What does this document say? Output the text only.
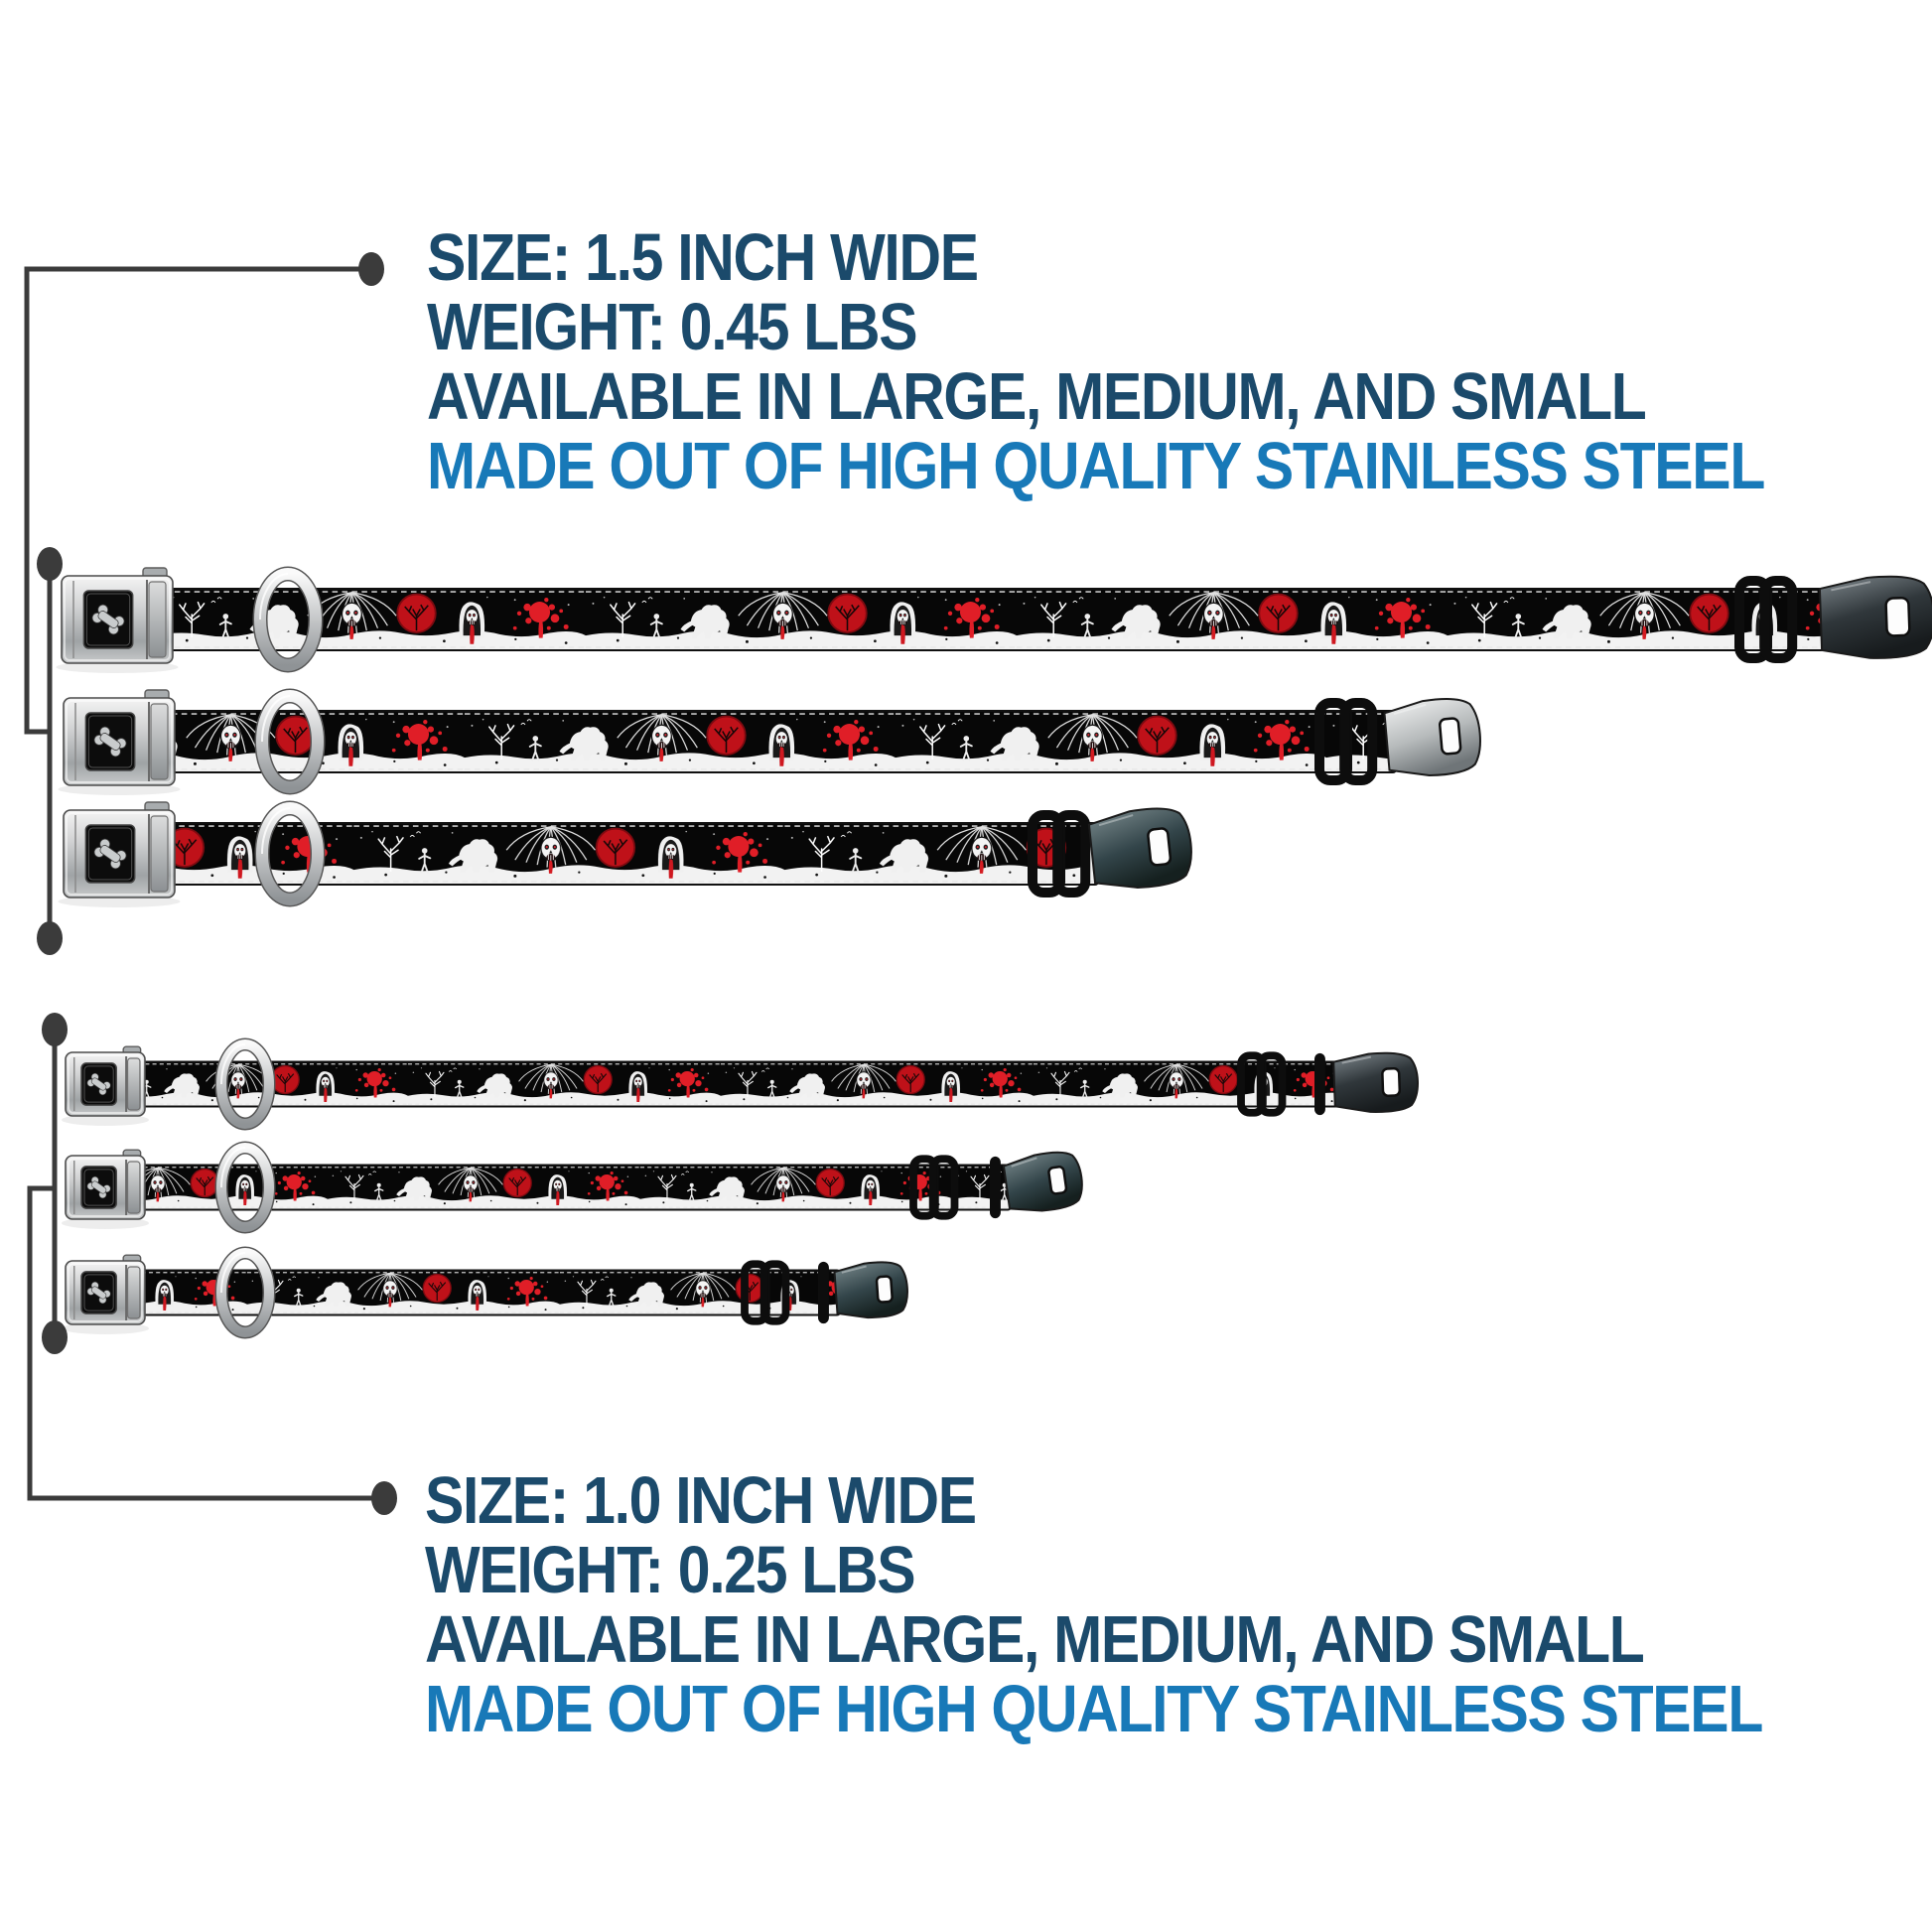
SIZE: 1.5 INCH WIDE
WEIGHT: 0.45 LBS
AVAILABLE IN LARGE, MEDIUM, AND SMALL
MADE OUT OF HIGH QUALITY STAINLESS STEEL
SIZE: 1.0 INCH WIDE
WEIGHT: 0.25 LBS
AVAILABLE IN LARGE, MEDIUM, AND SMALL
MADE OUT OF HIGH QUALITY STAINLESS STEEL
